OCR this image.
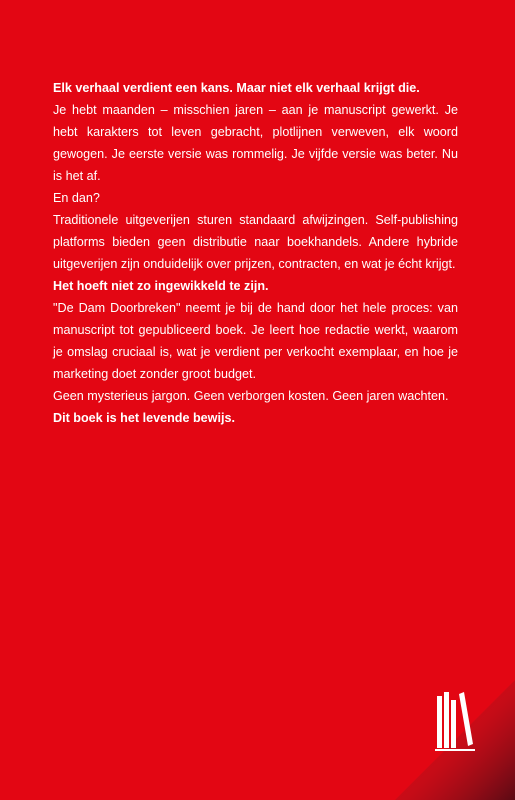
Elk verhaal verdient een kans. Maar niet elk verhaal krijgt die.

Je hebt maanden – misschien jaren – aan je manuscript gewerkt. Je hebt karakters tot leven gebracht, plotlijnen verweven, elk woord gewogen. Je eerste versie was rommelig. Je vijfde versie was beter. Nu is het af.

En dan?

Traditionele uitgeverijen sturen standaard afwijzingen. Self-publishing platforms bieden geen distributie naar boekhandels. Andere hybride uitgeverijen zijn onduidelijk over prijzen, contracten, en wat je écht krijgt.

Het hoeft niet zo ingewikkeld te zijn.

"De Dam Doorbreken" neemt je bij de hand door het hele proces: van manuscript tot gepubliceerd boek. Je leert hoe redactie werkt, waarom je omslag cruciaal is, wat je verdient per verkocht exemplaar, en hoe je marketing doet zonder groot budget.

Geen mysterieus jargon. Geen verborgen kosten. Geen jaren wachten.

Dit boek is het levende bewijs.
